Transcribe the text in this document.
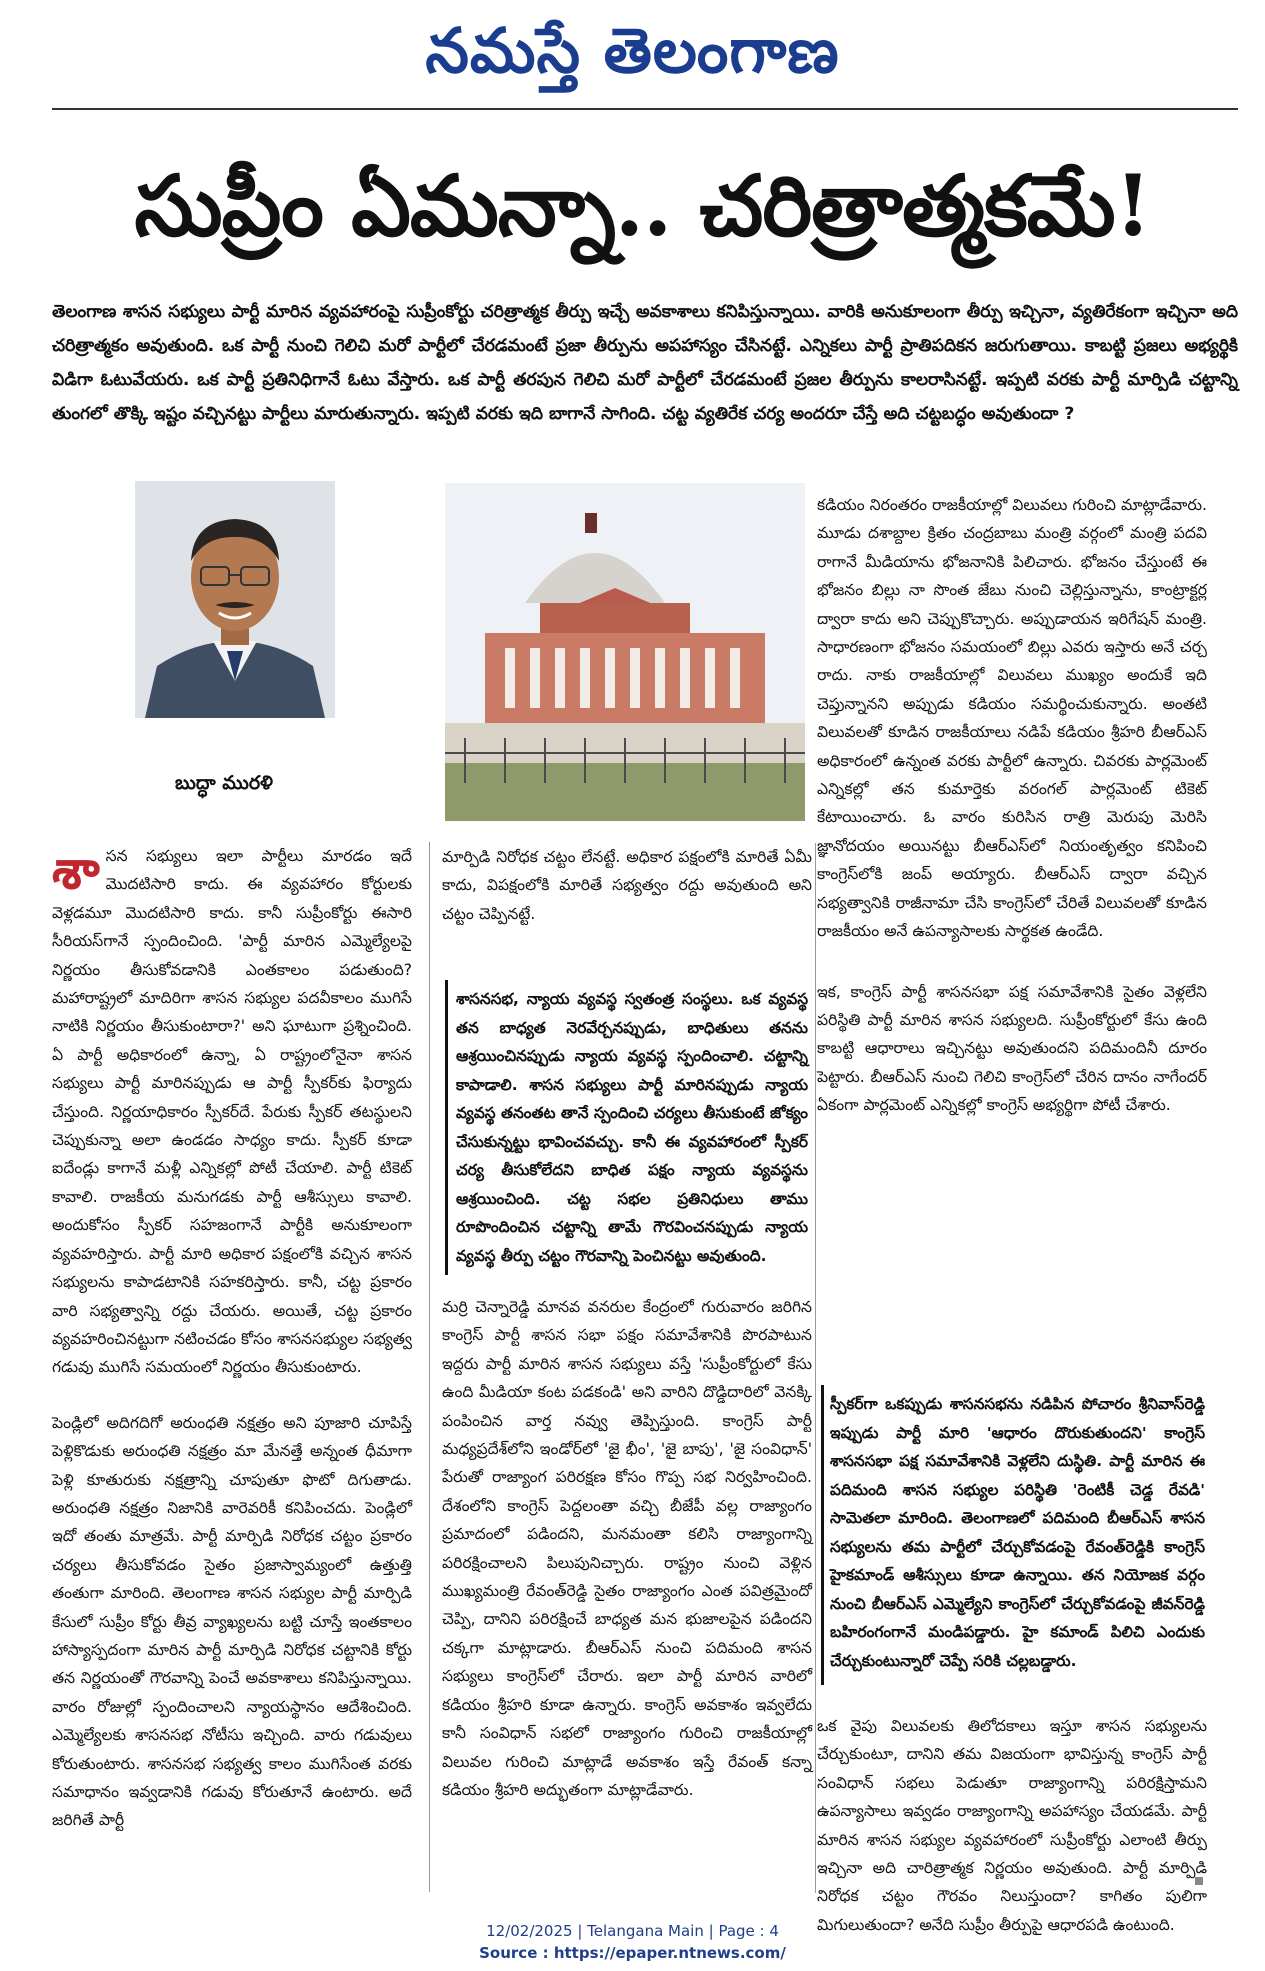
నమస్తే తెలంగాణ
సుప్రీం ఏమన్నా.. చరిత్రాత్మకమే!
తెలంగాణ శాసన సభ్యులు పార్టీ మారిన వ్యవహారంపై సుప్రీంకోర్టు చరిత్రాత్మక తీర్పు ఇచ్చే అవకాశాలు కనిపిస్తున్నాయి. వారికి అనుకూలంగా తీర్పు ఇచ్చినా, వ్యతిరేకంగా ఇచ్చినా అది చరిత్రాత్మకం అవుతుంది. ఒక పార్టీ నుంచి గెలిచి మరో పార్టీలో చేరడమంటే ప్రజా తీర్పును అపహాస్యం చేసినట్టే. ఎన్నికలు పార్టీ ప్రాతిపదికన జరుగుతాయి. కాబట్టి ప్రజలు అభ్యర్థికి విడిగా ఓటువేయరు. ఒక పార్టీ ప్రతినిధిగానే ఓటు వేస్తారు. ఒక పార్టీ తరపున గెలిచి మరో పార్టీలో చేరడమంటే ప్రజల తీర్పును కాలరాసినట్టే. ఇప్పటి వరకు పార్టీ మార్పిడి చట్టాన్ని తుంగలో తొక్కి ఇష్టం వచ్చినట్టు పార్టీలు మారుతున్నారు. ఇప్పటి వరకు ఇది బాగానే సాగింది. చట్ట వ్యతిరేక చర్య అందరూ చేస్తే అది చట్టబద్ధం అవుతుందా ?
బుద్ధా మురళి

శాసన సభ్యులు ఇలా పార్టీలు మారడం ఇదే మొదటిసారి కాదు. ఈ వ్యవహారం కోర్టులకు వెళ్లడమూ మొదటిసారి కాదు. కానీ సుప్రీంకోర్టు ఈసారి సీరియస్‌గానే స్పందించింది. 'పార్టీ మారిన ఎమ్మెల్యేలపై నిర్ణయం తీసుకోవడానికి ఎంతకాలం పడుతుంది? మహారాష్ట్రలో మాదిరిగా శాసన సభ్యుల పదవీకాలం ముగిసే నాటికి నిర్ణయం తీసుకుంటారా?' అని ఘాటుగా ప్రశ్నించింది. ఏ పార్టీ అధికారంలో ఉన్నా, ఏ రాష్ట్రంలోనైనా శాసన సభ్యులు పార్టీ మారినప్పుడు ఆ పార్టీ స్పీకర్‌కు ఫిర్యాదు చేస్తుంది. నిర్ణయాధికారం స్పీకర్‌దే. పేరుకు స్పీకర్ తటస్థులని చెప్పుకున్నా అలా ఉండడం సాధ్యం కాదు. స్పీకర్ కూడా ఐదేండ్లు కాగానే మళ్లీ ఎన్నికల్లో పోటీ చేయాలి. పార్టీ టికెట్ కావాలి. రాజకీయ మనుగడకు పార్టీ ఆశీస్సులు కావాలి. అందుకోసం స్పీకర్ సహజంగానే పార్టీకి అనుకూలంగా వ్యవహరిస్తారు. పార్టీ మారి అధికార పక్షంలోకి వచ్చిన శాసన సభ్యులను కాపాడటానికి సహకరిస్తారు. కానీ, చట్ట ప్రకారం వారి సభ్యత్వాన్ని రద్దు చేయరు. అయితే, చట్ట ప్రకారం వ్యవహరించినట్టుగా నటించడం కోసం శాసనసభ్యుల సభ్యత్వ గడువు ముగిసే సమయంలో నిర్ణయం తీసుకుంటారు.

పెండ్లిలో అదిగదిగో అరుంధతి నక్షత్రం అని పూజారి చూపిస్తే పెళ్లికొడుకు అరుంధతి నక్షత్రం మా మేనత్తే అన్నంత ధీమాగా పెళ్లి కూతురుకు నక్షత్రాన్ని చూపుతూ ఫొటో దిగుతాడు. అరుంధతి నక్షత్రం నిజానికి వారెవరికీ కనిపించదు. పెండ్లిలో ఇదో తంతు మాత్రమే. పార్టీ మార్పిడి నిరోధక చట్టం ప్రకారం చర్యలు తీసుకోవడం సైతం ప్రజాస్వామ్యంలో ఉత్తుత్తి తంతుగా మారింది. తెలంగాణ శాసన సభ్యుల పార్టీ మార్పిడి కేసులో సుప్రీం కోర్టు తీవ్ర వ్యాఖ్యలను బట్టి చూస్తే ఇంతకాలం హాస్యాస్పదంగా మారిన పార్టీ మార్పిడి నిరోధక చట్టానికి కోర్టు తన నిర్ణయంతో గౌరవాన్ని పెంచే అవకాశాలు కనిపిస్తున్నాయి. వారం రోజుల్లో స్పందించాలని న్యాయస్థానం ఆదేశించింది. ఎమ్మెల్యేలకు శాసనసభ నోటీసు ఇచ్చింది. వారు గడువులు కోరుతుంటారు. శాసనసభ సభ్యత్వ కాలం ముగిసేంత వరకు సమాధానం ఇవ్వడానికి గడువు కోరుతూనే ఉంటారు. అదే జరిగితే పార్టీ

మార్పిడి నిరోధక చట్టం లేనట్టే. అధికార పక్షంలోకి మారితే ఏమీ కాదు, విపక్షంలోకి మారితే సభ్యత్వం రద్దు అవుతుంది అని చట్టం చెప్పినట్టే.

శాసనసభ, న్యాయ వ్యవస్థ స్వతంత్ర సంస్థలు. ఒక వ్యవస్థ తన బాధ్యత నెరవేర్చనప్పుడు, బాధితులు తనను ఆశ్రయించినప్పుడు న్యాయ వ్యవస్థ స్పందించాలి. చట్టాన్ని కాపాడాలి. శాసన సభ్యులు పార్టీ మారినప్పుడు న్యాయ వ్యవస్థ తనంతట తానే స్పందించి చర్యలు తీసుకుంటే జోక్యం చేసుకున్నట్టు భావించవచ్చు. కానీ ఈ వ్యవహారంలో స్పీకర్ చర్య తీసుకోలేదని బాధిత పక్షం న్యాయ వ్యవస్థను ఆశ్రయించింది. చట్ట సభల ప్రతినిధులు తాము రూపొందించిన చట్టాన్ని తామే గౌరవించనప్పుడు న్యాయ వ్యవస్థ తీర్పు చట్టం గౌరవాన్ని పెంచినట్టు అవుతుంది.

మర్రి చెన్నారెడ్డి మానవ వనరుల కేంద్రంలో గురువారం జరిగిన కాంగ్రెస్ పార్టీ శాసన సభా పక్షం సమావేశానికి పొరపాటున ఇద్దరు పార్టీ మారిన శాసన సభ్యులు వస్తే 'సుప్రీంకోర్టులో కేసు ఉంది మీడియా కంట పడకండి' అని వారిని దొడ్డిదారిలో వెనక్కి పంపించిన వార్త నవ్వు తెప్పిస్తుంది. కాంగ్రెస్ పార్టీ మధ్యప్రదేశ్‌లోని ఇండోర్‌లో 'జై భీం', 'జై బాపు', 'జై సంవిధాన్' పేరుతో రాజ్యాంగ పరిరక్షణ కోసం గొప్ప సభ నిర్వహించింది. దేశంలోని కాంగ్రెస్ పెద్దలంతా వచ్చి బీజేపీ వల్ల రాజ్యాంగం ప్రమాదంలో పడిందని, మనమంతా కలిసి రాజ్యాంగాన్ని పరిరక్షించాలని పిలుపునిచ్చారు. రాష్ట్రం నుంచి వెళ్లిన ముఖ్యమంత్రి రేవంత్‌రెడ్డి సైతం రాజ్యాంగం ఎంత పవిత్రమైందో చెప్పి, దానిని పరిరక్షించే బాధ్యత మన భుజాలపైన పడిందని చక్కగా మాట్లాడారు. బీఆర్‌ఎస్ నుంచి పదిమంది శాసన సభ్యులు కాంగ్రెస్‌లో చేరారు. ఇలా పార్టీ మారిన వారిలో కడియం శ్రీహరి కూడా ఉన్నారు. కాంగ్రెస్ అవకాశం ఇవ్వలేదు కానీ సంవిధాన్ సభలో రాజ్యాంగం గురించి రాజకీయాల్లో విలువల గురించి మాట్లాడే అవకాశం ఇస్తే రేవంత్ కన్నా కడియం శ్రీహరి అద్భుతంగా మాట్లాడేవారు.

కడియం నిరంతరం రాజకీయాల్లో విలువలు గురించి మాట్లాడేవారు. మూడు దశాబ్దాల క్రితం చంద్రబాబు మంత్రి వర్గంలో మంత్రి పదవి రాగానే మీడియాను భోజనానికి పిలిచారు. భోజనం చేస్తుంటే ఈ భోజనం బిల్లు నా సొంత జేబు నుంచి చెల్లిస్తున్నాను, కాంట్రాక్టర్ల ద్వారా కాదు అని చెప్పుకొచ్చారు. అప్పుడాయన ఇరిగేషన్ మంత్రి. సాధారణంగా భోజనం సమయంలో బిల్లు ఎవరు ఇస్తారు అనే చర్చ రాదు. నాకు రాజకీయాల్లో విలువలు ముఖ్యం అందుకే ఇది చెప్తున్నానని అప్పుడు కడియం సమర్థించుకున్నారు. అంతటి విలువలతో కూడిన రాజకీయాలు నడిపే కడియం శ్రీహరి బీఆర్‌ఎస్ అధికారంలో ఉన్నంత వరకు పార్టీలో ఉన్నారు. చివరకు పార్లమెంట్ ఎన్నికల్లో తన కుమార్తెకు వరంగల్ పార్లమెంట్ టికెట్ కేటాయించారు. ఓ వారం కురిసిన రాత్రి మెరుపు మెరిసి జ్ఞానోదయం అయినట్టు బీఆర్‌ఎస్‌లో నియంతృత్వం కనిపించి కాంగ్రెస్‌లోకి జంప్ అయ్యారు. బీఆర్‌ఎస్ ద్వారా వచ్చిన సభ్యత్వానికి రాజీనామా చేసి కాంగ్రెస్‌లో చేరితే విలువలతో కూడిన రాజకీయం అనే ఉపన్యాసాలకు సార్థకత ఉండేది.

ఇక, కాంగ్రెస్ పార్టీ శాసనసభా పక్ష సమావేశానికి సైతం వెళ్లలేని పరిస్థితి పార్టీ మారిన శాసన సభ్యులది. సుప్రీంకోర్టులో కేసు ఉంది కాబట్టి ఆధారాలు ఇచ్చినట్టు అవుతుందని పదిమందినీ దూరం పెట్టారు. బీఆర్‌ఎస్ నుంచి గెలిచి కాంగ్రెస్‌లో చేరిన దానం నాగేందర్ ఏకంగా పార్లమెంట్ ఎన్నికల్లో కాంగ్రెస్ అభ్యర్థిగా పోటీ చేశారు.

స్పీకర్‌గా ఒకప్పుడు శాసనసభను నడిపిన పోచారం శ్రీనివాస్‌రెడ్డి ఇప్పుడు పార్టీ మారి 'ఆధారం దొరుకుతుందని' కాంగ్రెస్ శాసనసభా పక్ష సమావేశానికి వెళ్లలేని దుస్థితి. పార్టీ మారిన ఈ పదిమంది శాసన సభ్యుల పరిస్థితి 'రెంటికీ చెడ్డ రేవడి' సామెతలా మారింది. తెలంగాణలో పదిమంది బీఆర్‌ఎస్ శాసన సభ్యులను తమ పార్టీలో చేర్చుకోవడంపై రేవంత్‌రెడ్డికి కాంగ్రెస్ హైకమాండ్ ఆశీస్సులు కూడా ఉన్నాయి. తన నియోజక వర్గం నుంచి బీఆర్‌ఎస్ ఎమ్మెల్యేని కాంగ్రెస్‌లో చేర్చుకోవడంపై జీవన్‌రెడ్డి బహిరంగంగానే మండిపడ్డారు. హై కమాండ్ పిలిచి ఎందుకు చేర్చుకుంటున్నారో చెప్పే సరికి చల్లబడ్డారు.

ఒక వైపు విలువలకు తిలోదకాలు ఇస్తూ శాసన సభ్యులను చేర్చుకుంటూ, దానిని తమ విజయంగా భావిస్తున్న కాంగ్రెస్ పార్టీ సంవిధాన్ సభలు పెడుతూ రాజ్యాంగాన్ని పరిరక్షిస్తామని ఉపన్యాసాలు ఇవ్వడం రాజ్యాంగాన్ని అపహాస్యం చేయడమే. పార్టీ మారిన శాసన సభ్యుల వ్యవహారంలో సుప్రీంకోర్టు ఎలాంటి తీర్పు ఇచ్చినా అది చారిత్రాత్మక నిర్ణయం అవుతుంది. పార్టీ మార్పిడి నిరోధక చట్టం గౌరవం నిలుస్తుందా? కాగితం పులిగా మిగులుతుందా? అనేది సుప్రీం తీర్పుపై ఆధారపడి ఉంటుంది.

12/02/2025 | Telangana Main | Page : 4
Source : https://epaper.ntnews.com/
